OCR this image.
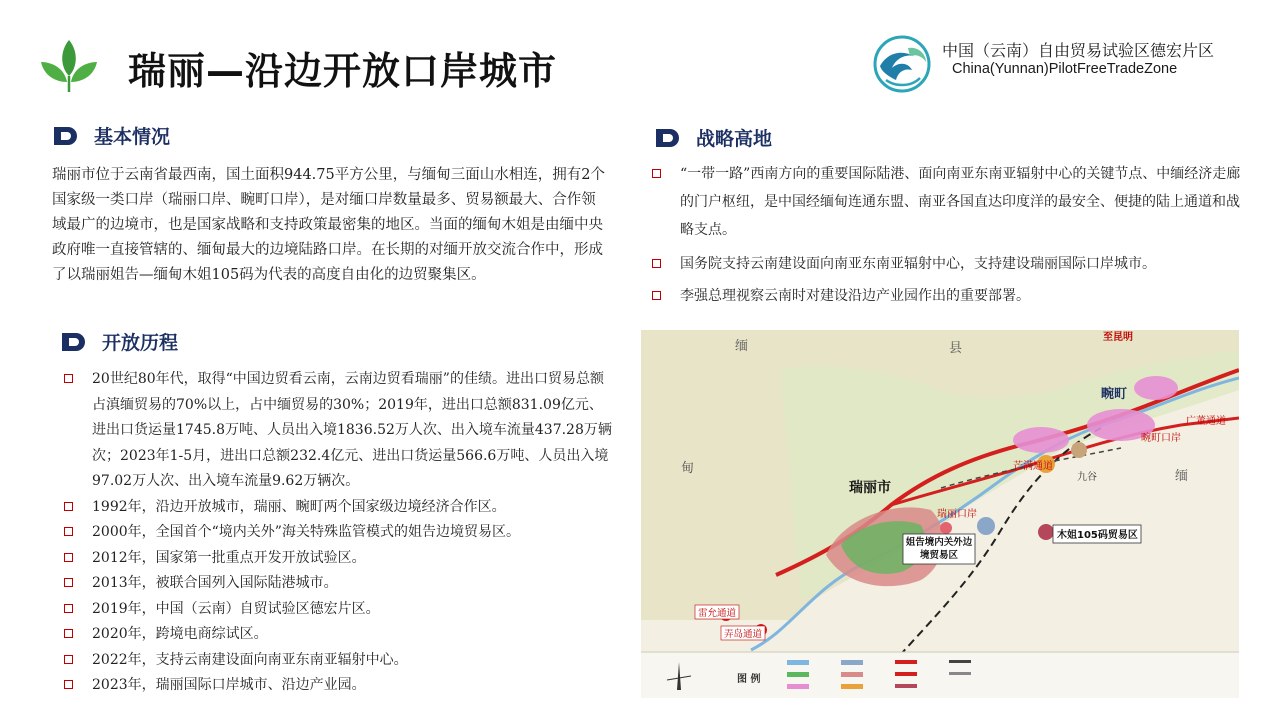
瑞丽—沿边开放口岸城市	中国（云南）自由贸易试验区德宏片区
China(Yunnan)PilotFreeTradeZone
基本情况
瑞丽市位于云南省最西南，国土面积944.75平方公里，与缅甸三面山水相连，拥有2个国家级一类口岸（瑞丽口岸、畹町口岸），是对缅口岸数量最多、贸易额最大、合作领域最广的边境市，也是国家战略和支持政策最密集的地区。当面的缅甸木姐是由缅中央政府唯一直接管辖的、缅甸最大的边境陆路口岸。在长期的对缅开放交流合作中，形成了以瑞丽姐告—缅甸木姐105码为代表的高度自由化的边贸聚集区。
开放历程
20世纪80年代，取得“中国边贸看云南，云南边贸看瑞丽”的佳绩。进出口贸易总额占滇缅贸易的70%以上，占中缅贸易的30%；2019年，进出口总额831.09亿元、进出口货运量1745.8万吨、人员出入境1836.52万人次、出入境车流量437.28万辆次；2023年1-5月，进出口总额232.4亿元、进出口货运量566.6万吨、人员出入境97.02万人次、出入境车流量9.62万辆次。
1992年，沿边开放城市，瑞丽、畹町两个国家级边境经济合作区。
2000年，全国首个“境内关外”海关特殊监管模式的姐告边境贸易区。
2012年，国家第一批重点开发开放试验区。
2013年，被联合国列入国际陆港城市。
2019年，中国（云南）自贸试验区德宏片区。
2020年，跨境电商综试区。
2022年，支持云南建设面向南亚东南亚辐射中心。
2023年，瑞丽国际口岸城市、沿边产业园。
战略高地
“一带一路”西南方向的重要国际陆港、面向南亚东南亚辐射中心的关键节点、中缅经济走廊的门户枢纽，是中国经缅甸连通东盟、南亚各国直达印度洋的最安全、便捷的陆上通道和战略支点。
国务院支持云南建设面向南亚东南亚辐射中心，支持建设瑞丽国际口岸城市。
李强总理视察云南时对建设沿边产业园作出的重要部署。
缅	县
至昆明
畹町
畹町口岸
广董通道
九谷
芒满通道
瑞丽市
瑞丽口岸
缅
甸
姐告境内关外边境贸易区
木姐105码贸易区
雷允通道
弄岛通道
图 例
